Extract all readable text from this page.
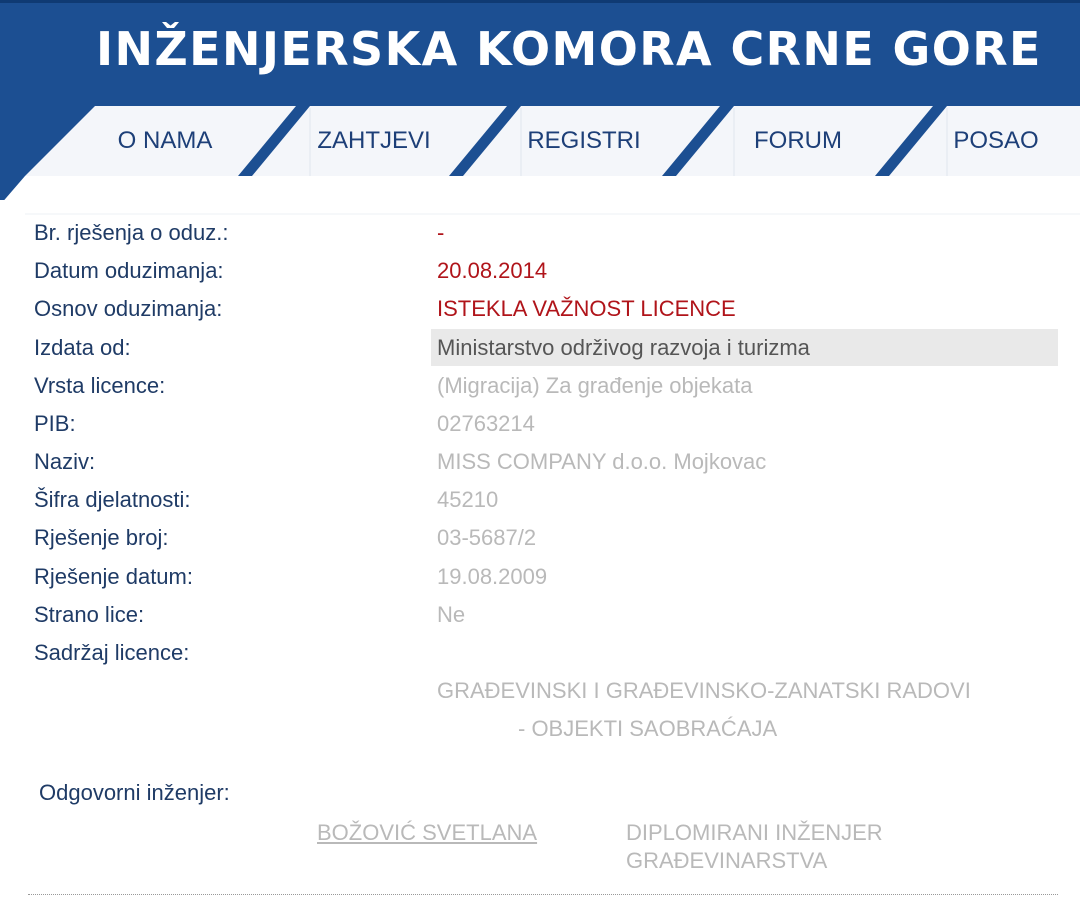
INŽENJERSKA KOMORA CRNE GORE
O NAMA	ZAHTJEVI	REGISTRI	FORUM	POSAO
Br. rješenja o oduz.:	-
Datum oduzimanja:	20.08.2014
Osnov oduzimanja:	ISTEKLA VAŽNOST LICENCE
Izdata od:	Ministarstvo održivog razvoja i turizma
Vrsta licence:	(Migracija) Za građenje objekata
PIB:	02763214
Naziv:	MISS COMPANY d.o.o. Mojkovac
Šifra djelatnosti:	45210
Rješenje broj:	03-5687/2
Rješenje datum:	19.08.2009
Strano lice:	Ne
Sadržaj licence:
GRAĐEVINSKI I GRAĐEVINSKO-ZANATSKI RADOVI
- OBJEKTI SAOBRAĆAJA
Odgovorni inženjer:
BOŽOVIĆ SVETLANA	DIPLOMIRANI INŽENJER
GRAĐEVINARSTVA
